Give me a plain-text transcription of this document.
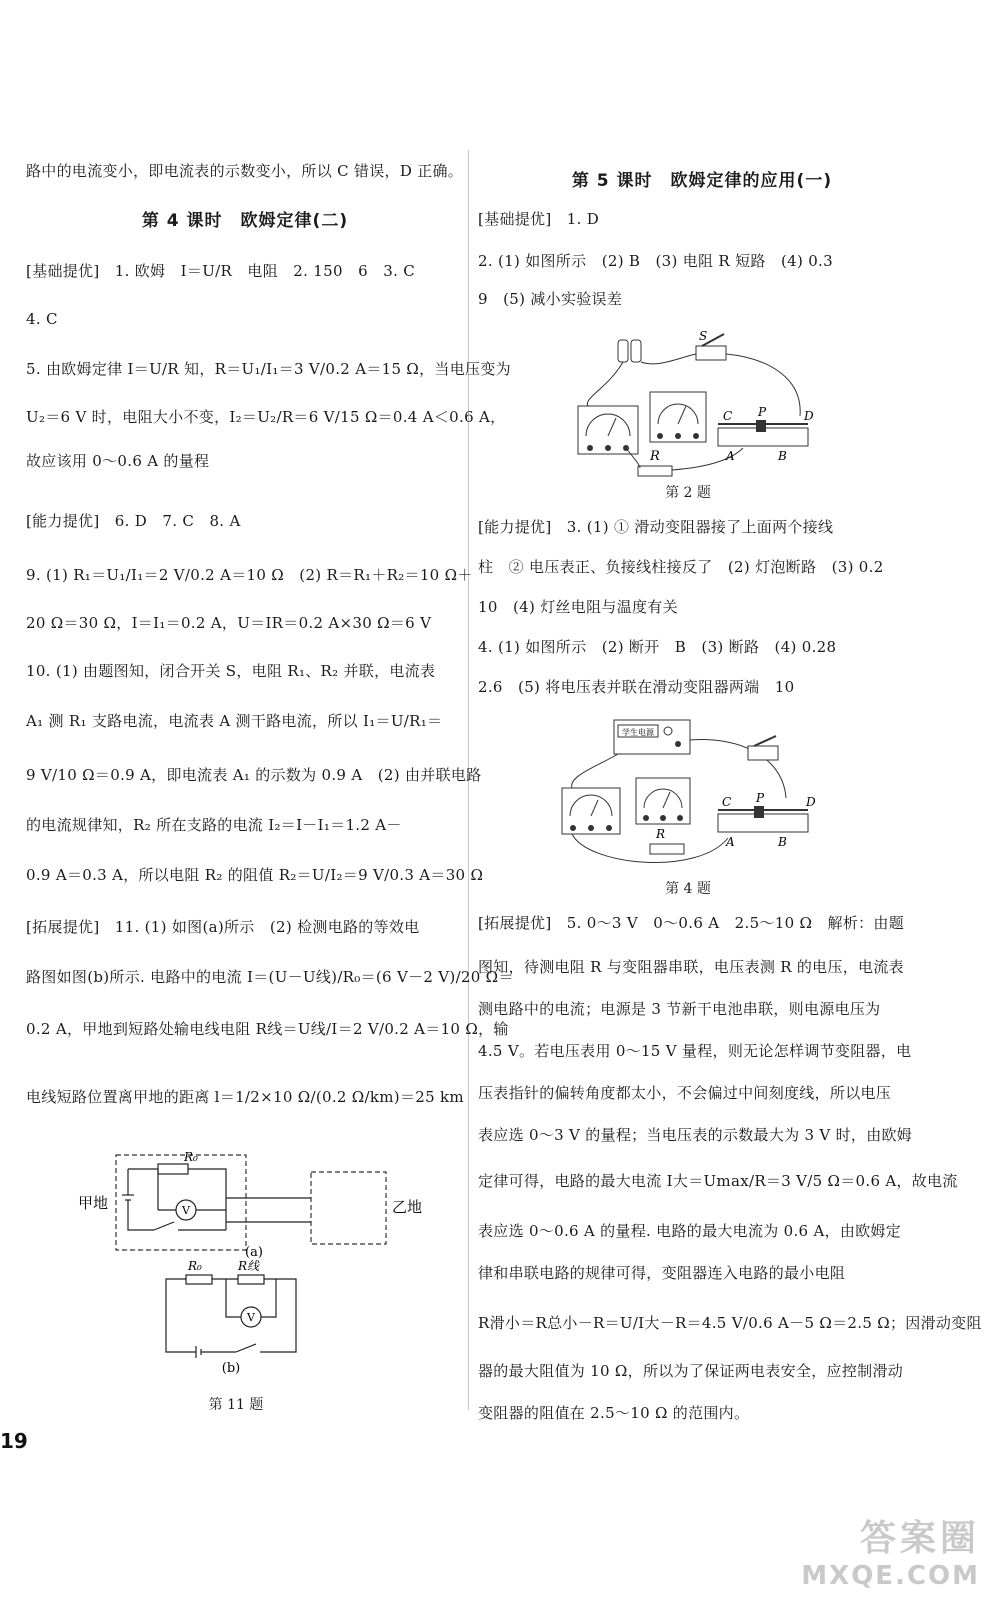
路中的电流变小，即电流表的示数变小，所以 C 错误，D 正确。
第 4 课时　欧姆定律(二)
[基础提优]　1. 欧姆　I＝U/R　电阻　2. 150　6　3. C
4. C
5. 由欧姆定律 I＝U/R 知，R＝U₁/I₁＝3 V/0.2 A＝15 Ω，当电压变为
U₂＝6 V 时，电阻大小不变，I₂＝U₂/R＝6 V/15 Ω＝0.4 A＜0.6 A，
故应该用 0～0.6 A 的量程
[能力提优]　6. D　7. C　8. A
9. (1) R₁＝U₁/I₁＝2 V/0.2 A＝10 Ω　(2) R＝R₁＋R₂＝10 Ω＋
20 Ω＝30 Ω，I＝I₁＝0.2 A，U＝IR＝0.2 A×30 Ω＝6 V
10. (1) 由题图知，闭合开关 S，电阻 R₁、R₂ 并联，电流表
A₁ 测 R₁ 支路电流，电流表 A 测干路电流，所以 I₁＝U/R₁＝
9 V/10 Ω＝0.9 A，即电流表 A₁ 的示数为 0.9 A　(2) 由并联电路
的电流规律知，R₂ 所在支路的电流 I₂＝I－I₁＝1.2 A－
0.9 A＝0.3 A，所以电阻 R₂ 的阻值 R₂＝U/I₂＝9 V/0.3 A＝30 Ω
[拓展提优]　11. (1) 如图(a)所示　(2) 检测电路的等效电
路图如图(b)所示. 电路中的电流 I＝(U－U线)/R₀＝(6 V－2 V)/20 Ω＝
0.2 A，甲地到短路处输电线电阻 R线＝U线/I＝2 V/0.2 A＝10 Ω，输
电线短路位置离甲地的距离 l＝1/2×10 Ω/(0.2 Ω/km)＝25 km
R₀
V
甲地	乙地
(a)
R₀	R线
V
(b)
第 11 题
第 5 课时　欧姆定律的应用(一)
[基础提优]　1. D
2. (1) 如图所示　(2) B　(3) 电阻 R 短路　(4) 0.3
9　(5) 减小实验误差
S
R
C P	D
A	B
第 2 题
[能力提优]　3. (1) ① 滑动变阻器接了上面两个接线
柱　② 电压表正、负接线柱接反了　(2) 灯泡断路　(3) 0.2
10　(4) 灯丝电阻与温度有关
4. (1) 如图所示　(2) 断开　B　(3) 断路　(4) 0.28
2.6　(5) 将电压表并联在滑动变阻器两端　10
学生电源
R
C P	D
A	B
第 4 题
[拓展提优]　5. 0～3 V　0～0.6 A　2.5～10 Ω　解析：由题
图知，待测电阻 R 与变阻器串联，电压表测 R 的电压，电流表
测电路中的电流；电源是 3 节新干电池串联，则电源电压为
4.5 V。若电压表用 0～15 V 量程，则无论怎样调节变阻器，电
压表指针的偏转角度都太小，不会偏过中间刻度线，所以电压
表应选 0～3 V 的量程；当电压表的示数最大为 3 V 时，由欧姆
定律可得，电路的最大电流 I大＝Umax/R＝3 V/5 Ω＝0.6 A，故电流
表应选 0～0.6 A 的量程. 电路的最大电流为 0.6 A，由欧姆定
律和串联电路的规律可得，变阻器连入电路的最小电阻
R滑小＝R总小－R＝U/I大－R＝4.5 V/0.6 A－5 Ω＝2.5 Ω；因滑动变阻
器的最大阻值为 10 Ω，所以为了保证两电表安全，应控制滑动
变阻器的阻值在 2.5～10 Ω 的范围内。
19
答案圈
MXQE.COM
